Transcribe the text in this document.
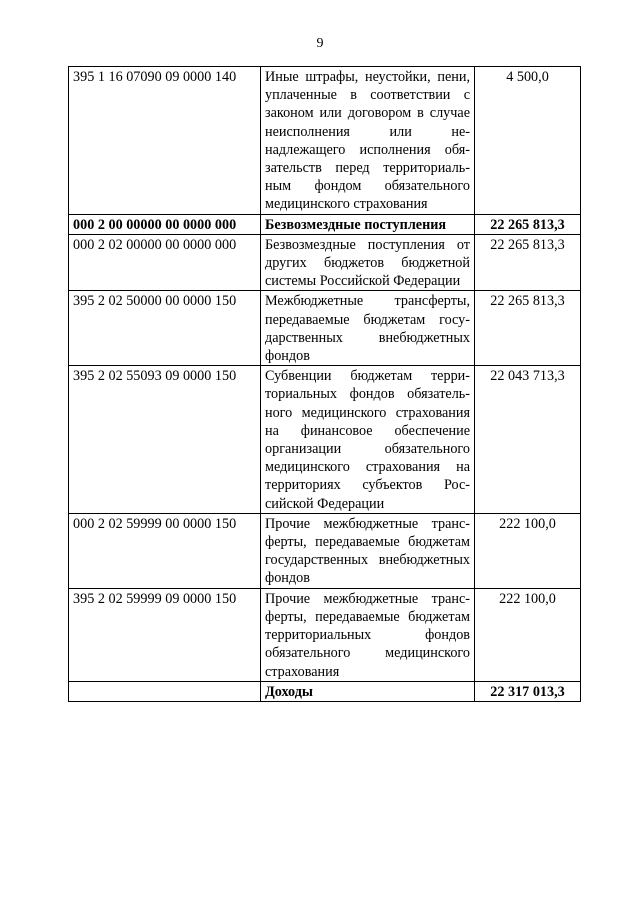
9
395 1 16 07090 09 0000 140	Иные штрафы, неустойки, пени, уплаченные в соответствии с законом или договором в случае неисполнения или ненадлежащего исполнения обязательств перед территориальным фондом обязательного медицинского страхования	4 500,0
000 2 00 00000 00 0000 000	Безвозмездные поступления	22 265 813,3
000 2 02 00000 00 0000 000	Безвозмездные поступления от других бюджетов бюджетной системы Российской Федерации	22 265 813,3
395 2 02 50000 00 0000 150	Межбюджетные трансферты, передаваемые бюджетам государственных внебюджетных фондов	22 265 813,3
395 2 02 55093 09 0000 150	Субвенции бюджетам территориальных фондов обязательного медицинского страхования на финансовое обеспечение организации обязательного медицинского страхования на территориях субъектов Российской Федерации	22 043 713,3
000 2 02 59999 00 0000 150	Прочие межбюджетные трансферты, передаваемые бюджетам государственных внебюджетных фондов	222 100,0
395 2 02 59999 09 0000 150	Прочие межбюджетные трансферты, передаваемые бюджетам территориальных фондов обязательного медицинского страхования	222 100,0
	Доходы	22 317 013,3
